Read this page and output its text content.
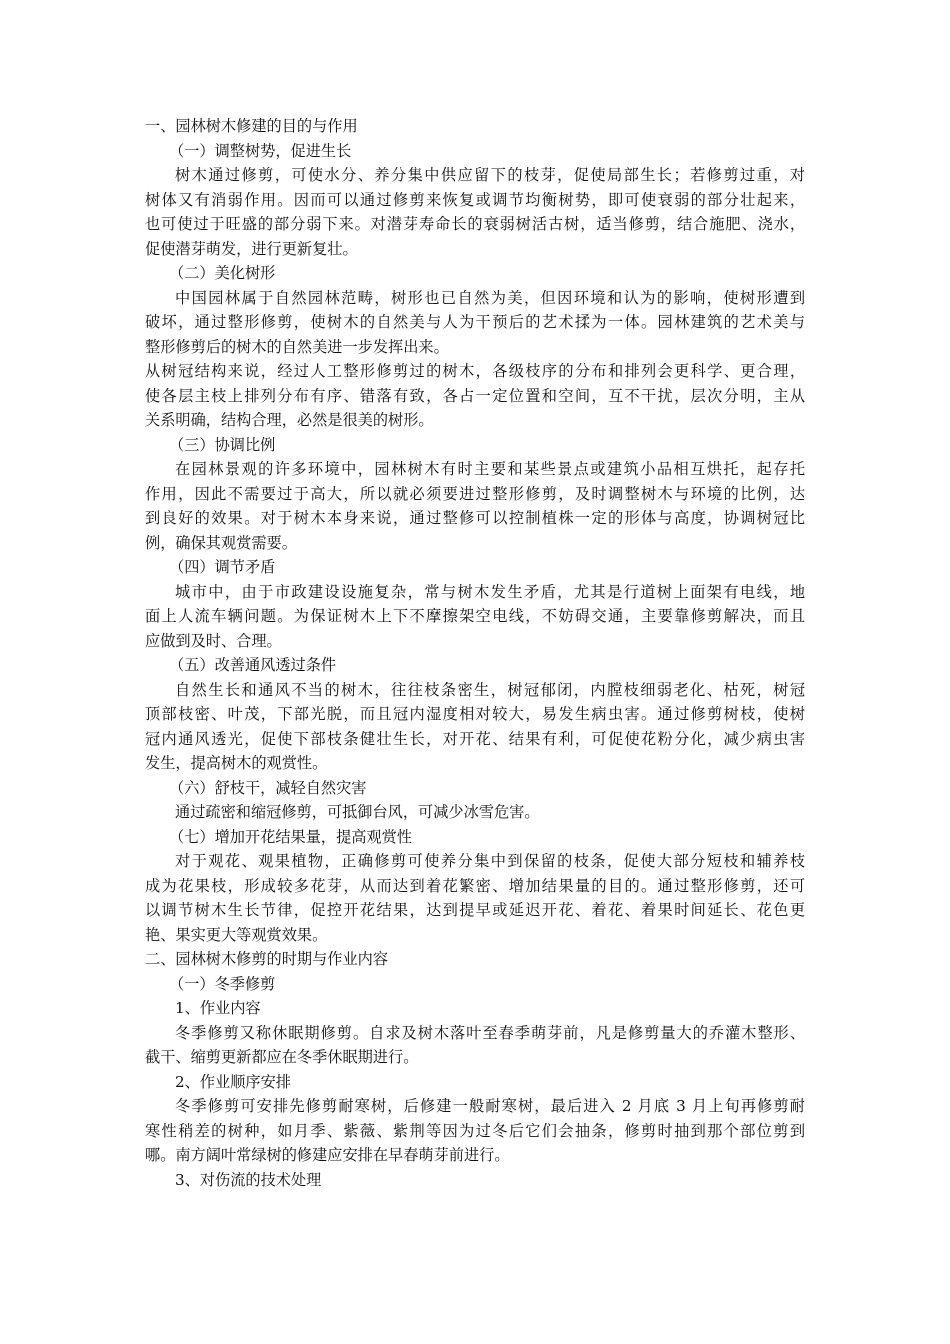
一、园林树木修建的目的与作用
（一）调整树势，促进生长
树木通过修剪，可使水分、养分集中供应留下的枝芽，促使局部生长；若修剪过重，对
树体又有消弱作用。因而可以通过修剪来恢复或调节均衡树势，即可使衰弱的部分壮起来，
也可使过于旺盛的部分弱下来。对潜芽寿命长的衰弱树活古树，适当修剪，结合施肥、浇水，
促使潜芽萌发，进行更新复壮。
（二）美化树形
中国园林属于自然园林范畴，树形也已自然为美，但因环境和认为的影响，使树形遭到
破坏，通过整形修剪，使树木的自然美与人为干预后的艺术揉为一体。园林建筑的艺术美与
整形修剪后的树木的自然美进一步发挥出来。
从树冠结构来说，经过人工整形修剪过的树木，各级枝序的分布和排列会更科学、更合理，
使各层主枝上排列分布有序、错落有致，各占一定位置和空间，互不干扰，层次分明，主从
关系明确，结构合理，必然是很美的树形。
（三）协调比例
在园林景观的许多环境中，园林树木有时主要和某些景点或建筑小品相互烘托，起存托
作用，因此不需要过于高大，所以就必须要进过整形修剪，及时调整树木与环境的比例，达
到良好的效果。对于树木本身来说，通过整修可以控制植株一定的形体与高度，协调树冠比
例，确保其观赏需要。
（四）调节矛盾
城市中，由于市政建设设施复杂，常与树木发生矛盾，尤其是行道树上面架有电线，地
面上人流车辆问题。为保证树木上下不摩擦架空电线，不妨碍交通，主要靠修剪解决，而且
应做到及时、合理。
（五）改善通风透过条件
自然生长和通风不当的树木，往往枝条密生，树冠郁闭，内膛枝细弱老化、枯死，树冠
顶部枝密、叶茂，下部光脱，而且冠内湿度相对较大，易发生病虫害。通过修剪树枝，使树
冠内通风透光，促使下部枝条健壮生长，对开花、结果有利，可促使花粉分化，减少病虫害
发生，提高树木的观赏性。
（六）舒枝干，减轻自然灾害
通过疏密和缩冠修剪，可抵御台风，可减少冰雪危害。
（七）增加开花结果量，提高观赏性
对于观花、观果植物，正确修剪可使养分集中到保留的枝条，促使大部分短枝和辅养枝
成为花果枝，形成较多花芽，从而达到着花繁密、增加结果量的目的。通过整形修剪，还可
以调节树木生长节律，促控开花结果，达到提早或延迟开花、着花、着果时间延长、花色更
艳、果实更大等观赏效果。
二、园林树木修剪的时期与作业内容
（一）冬季修剪
1、作业内容
冬季修剪又称休眠期修剪。自求及树木落叶至春季萌芽前，凡是修剪量大的乔灌木整形、
截干、缩剪更新都应在冬季休眠期进行。
2、作业顺序安排
冬季修剪可安排先修剪耐寒树，后修建一般耐寒树，最后进入 2 月底 3 月上旬再修剪耐
寒性稍差的树种，如月季、紫薇、紫荆等因为过冬后它们会抽条，修剪时抽到那个部位剪到
哪。南方阔叶常绿树的修建应安排在早春萌芽前进行。
3、对伤流的技术处理
